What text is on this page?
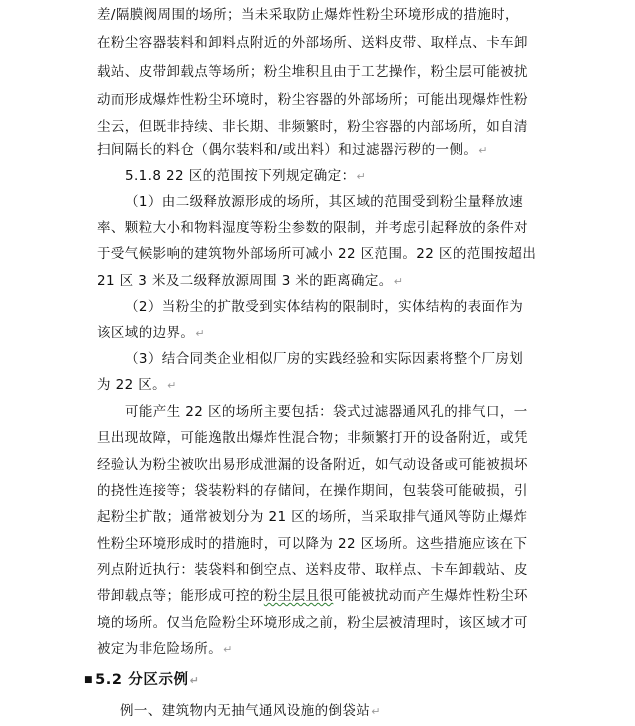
差/隔膜阀周围的场所；当未采取防止爆炸性粉尘环境形成的措施时，
在粉尘容器装料和卸料点附近的外部场所、送料皮带、取样点、卡车卸
载站、皮带卸载点等场所；粉尘堆积且由于工艺操作，粉尘层可能被扰
动而形成爆炸性粉尘环境时，粉尘容器的外部场所；可能出现爆炸性粉
尘云，但既非持续、非长期、非频繁时，粉尘容器的内部场所，如自清
扫间隔长的料仓（偶尔装料和/或出料）和过滤器污秽的一侧。↵
5.1.8 22 区的范围按下列规定确定：↵
（1）由二级释放源形成的场所，其区域的范围受到粉尘量释放速
率、颗粒大小和物料湿度等粉尘参数的限制，并考虑引起释放的条件对
于受气候影响的建筑物外部场所可减小 22 区范围。22 区的范围按超出
21 区 3 米及二级释放源周围 3 米的距离确定。↵
（2）当粉尘的扩散受到实体结构的限制时，实体结构的表面作为
该区域的边界。↵
（3）结合同类企业相似厂房的实践经验和实际因素将整个厂房划
为 22 区。↵
可能产生 22 区的场所主要包括：袋式过滤器通风孔的排气口，一
旦出现故障，可能逸散出爆炸性混合物；非频繁打开的设备附近，或凭
经验认为粉尘被吹出易形成泄漏的设备附近，如气动设备或可能被损坏
的挠性连接等；袋装粉料的存储间，在操作期间，包装袋可能破损，引
起粉尘扩散；通常被划分为 21 区的场所，当采取排气通风等防止爆炸
性粉尘环境形成时的措施时，可以降为 22 区场所。这些措施应该在下
列点附近执行：装袋料和倒空点、送料皮带、取样点、卡车卸载站、皮
带卸载点等；能形成可控的粉尘层且很可能被扰动而产生爆炸性粉尘环
境的场所。仅当危险粉尘环境形成之前，粉尘层被清理时，该区域才可
被定为非危险场所。↵
■ 5.2 分区示例↵
例一、建筑物内无抽气通风设施的倒袋站↵
